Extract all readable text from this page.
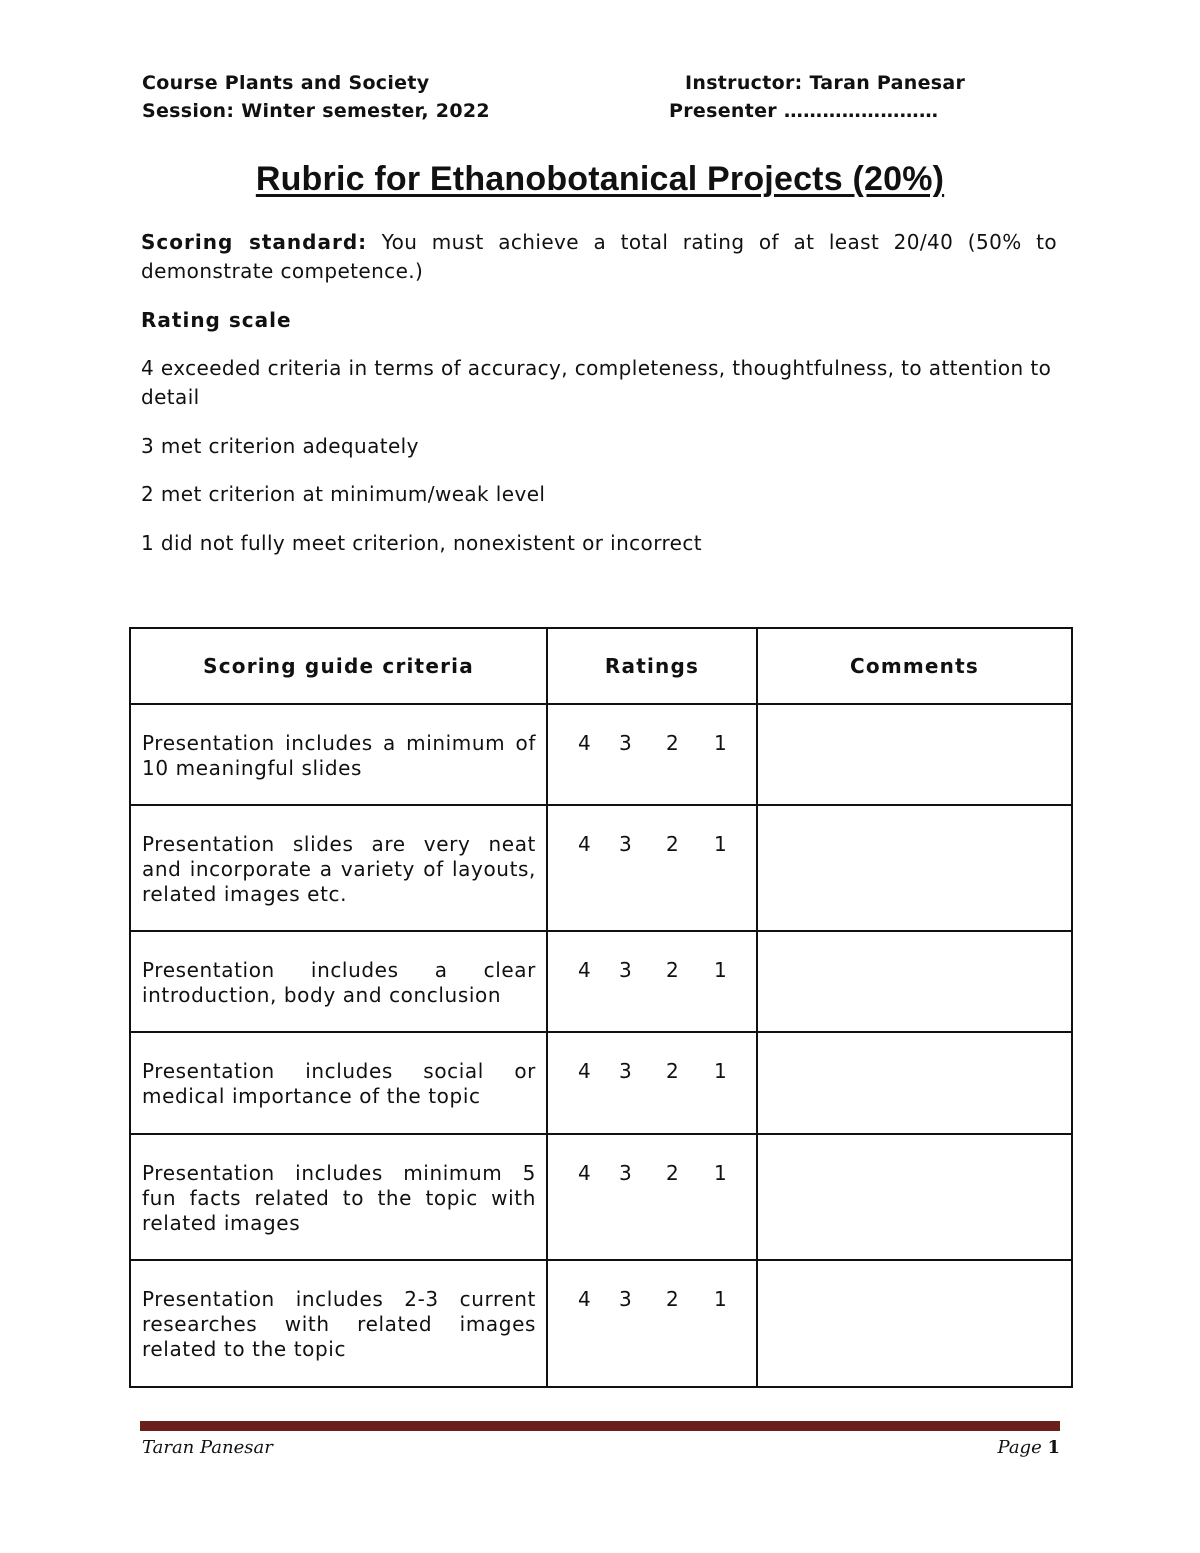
Course Plants and Society	Instructor: Taran Panesar
Session: Winter semester, 2022	Presenter ……………………
Rubric for Ethanobotanical Projects (20%)
Scoring standard: You must achieve a total rating of at least 20/40 (50% to demonstrate competence.)
Rating scale
4 exceeded criteria in terms of accuracy, completeness, thoughtfulness, to attention to detail
3 met criterion adequately
2 met criterion at minimum/weak level
1 did not fully meet criterion, nonexistent or incorrect
Scoring guide criteria	Ratings	Comments
Presentation includes a minimum of 10 meaningful slides	4 3 2 1	

Presentation slides are very neat and incorporate a variety of layouts, related images etc.	4 3 2 1	

Presentation includes a clear introduction, body and conclusion	4 3 2 1	

Presentation includes social or medical importance of the topic	4 3 2 1	

Presentation includes minimum 5 fun facts related to the topic with related images	4 3 2 1	

Presentation includes 2-3 current researches with related images related to the topic	4 3 2 1	

Taran Panesar	Page 1
